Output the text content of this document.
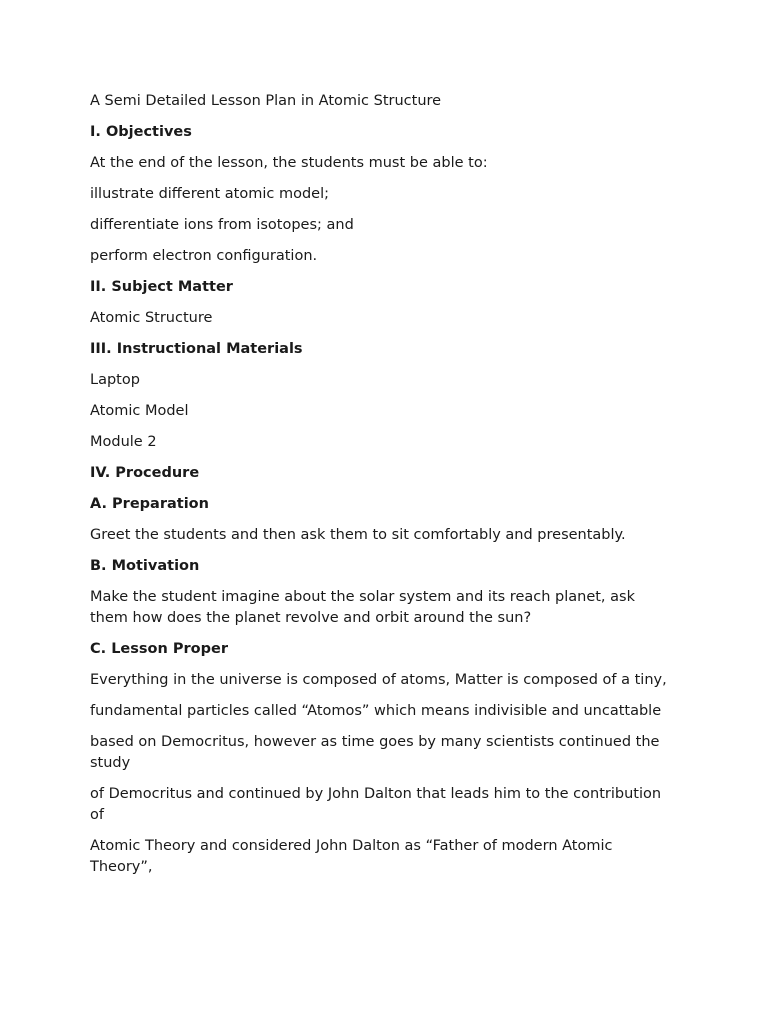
A Semi Detailed Lesson Plan in Atomic Structure

I. Objectives

At the end of the lesson, the students must be able to:

illustrate different atomic model;

differentiate ions from isotopes; and

perform electron configuration.

II. Subject Matter

Atomic Structure

III. Instructional Materials

Laptop

Atomic Model

Module 2

IV. Procedure

A. Preparation

Greet the students and then ask them to sit comfortably and presentably.

B. Motivation

Make the student imagine about the solar system and its reach planet, ask them how does the planet revolve and orbit around the sun?

C. Lesson Proper

Everything in the universe is composed of atoms, Matter is composed of a tiny,

fundamental particles called “Atomos” which means indivisible and uncattable

based on Democritus, however as time goes by many scientists continued the study

of Democritus and continued by John Dalton that leads him to the contribution of

Atomic Theory and considered John Dalton as “Father of modern Atomic Theory”,
